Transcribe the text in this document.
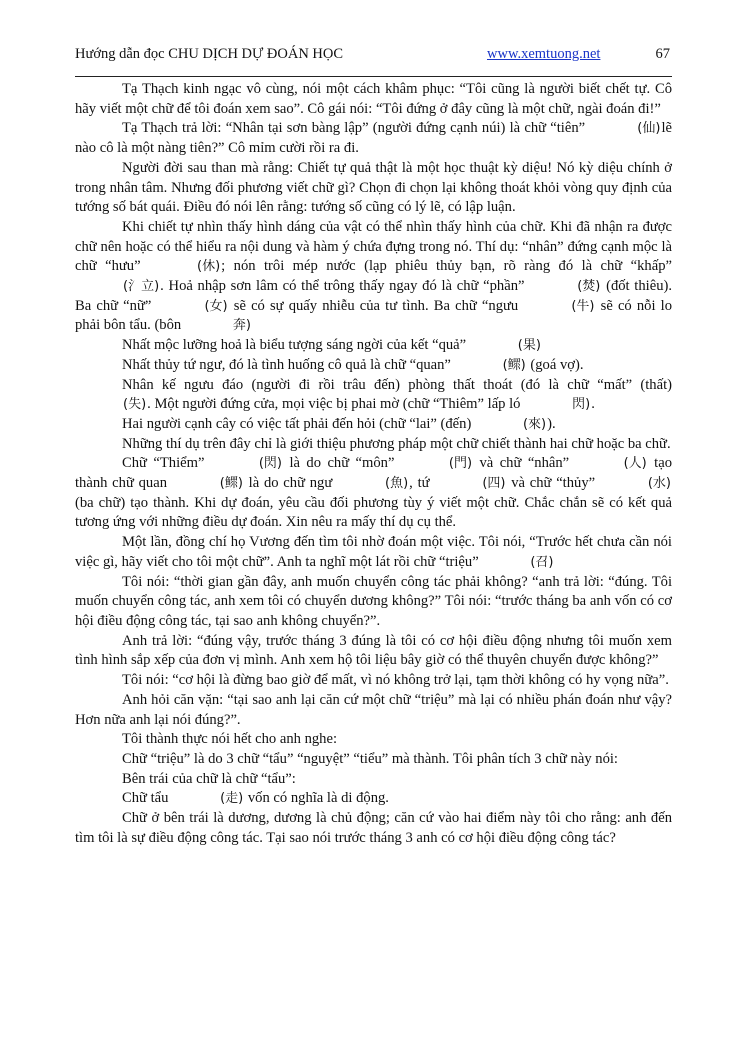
Hướng dẫn đọc CHU DỊCH DỰ ĐOÁN HỌC	www.xemtuong.net	67

Tạ Thạch kinh ngạc vô cùng, nói một cách khâm phục: “Tôi cũng là người biết chết tự. Cô hãy viết một chữ để tôi đoán xem sao”. Cô gái nói: “Tôi đứng ở đây cũng là một chữ, ngài đoán đi!”

Tạ Thạch trả lời: “Nhân tại sơn bàng lập” (người đứng cạnh núi) là chữ “tiên”	(仙)lẽ nào cô là một nàng tiên?” Cô mỉm cười rồi ra đi.

Người đời sau than mà rằng: Chiết tự quả thật là một học thuật kỳ diệu! Nó kỳ diệu chính ở trong nhân tâm. Nhưng đối phương viết chữ gì? Chọn đi chọn lại không thoát khỏi vòng quy định của tướng số bát quái. Điều đó nói lên rằng: tướng số cũng có lý lẽ, có lập luận.

Khi chiết tự nhìn thấy hình dáng của vật có thể nhìn thấy hình của chữ. Khi đã nhận ra được chữ nên hoặc có thể hiểu ra nội dung và hàm ý chứa đựng trong nó. Thí dụ: “nhân” đứng cạnh mộc là chữ “hưu”	(休); nón trôi mép nước (lạp phiêu thủy bạn, rõ ràng đó là chữ “khấp” (氵立). Hoả nhập sơn lâm có thể trông thấy ngay đó là chữ “phần”	(焚) (đốt thiêu). Ba chữ “nữ”	(女) sẽ có sự quấy nhiễu của tư tình. Ba chữ “ngưu	(牛) sẽ có nỗi lo phải bôn tẩu. (bôn	奔)

Nhất mộc lưỡng hoả là biểu tượng sáng ngời của kết “quả”	(果)

Nhất thủy tứ ngư, đó là tình huống cô quả là chữ “quan”	(鳏) (goá vợ).

Nhân kế ngưu đáo (người đi rồi trâu đến) phòng thất thoát (đó là chữ “mất” (thất) (失). Một người đứng cửa, mọi việc bị phai mờ (chữ “Thiêm” lấp ló	閃).

Hai người cạnh cây có việc tất phải đến hỏi (chữ “lai” (đến)	(來)).

Những thí dụ trên đây chỉ là giới thiệu phương pháp một chữ chiết thành hai chữ hoặc ba chữ.

Chữ “Thiểm”	(閃) là do chữ “môn”	(門) và chữ “nhân”	(人) tạo thành chữ quan	(鳏) là do chữ ngư	(魚), tứ	(四) và chữ “thủy”	(水) (ba chữ) tạo thành. Khi dự đoán, yêu cầu đối phương tùy ý viết một chữ. Chắc chắn sẽ có kết quả tương ứng với những điều dự đoán. Xin nêu ra mấy thí dụ cụ thể.

Một lần, đồng chí họ Vương đến tìm tôi nhờ đoán một việc. Tôi nói, “Trước hết chưa cần nói việc gì, hãy viết cho tôi một chữ”. Anh ta nghĩ một lát rồi chữ “triệu”	(召)

Tôi nói: “thời gian gần đây, anh muốn chuyển công tác phải không? “anh trả lời: “đúng. Tôi muốn chuyển công tác, anh xem tôi có chuyển dương không?” Tôi nói: “trước tháng ba anh vốn có cơ hội điều động công tác, tại sao anh không chuyển?”.

Anh trả lời: “đúng vậy, trước tháng 3 đúng là tôi có cơ hội điều động nhưng tôi muốn xem tình hình sắp xếp của đơn vị mình. Anh xem hộ tôi liệu bây giờ có thể thuyên chuyển được không?”

Tôi nói: “cơ hội là đừng bao giờ để mất, vì nó không trở lại, tạm thời không có hy vọng nữa”.

Anh hỏi căn vặn: “tại sao anh lại căn cứ một chữ “triệu” mà lại có nhiều phán đoán như vậy? Hơn nữa anh lại nói đúng?”.

Tôi thành thực nói hết cho anh nghe:

Chữ “triệu” là do 3 chữ “tẩu” “nguyệt” “tiểu” mà thành. Tôi phân tích 3 chữ này nói:

Bên trái của chữ là chữ “tẩu”:

Chữ tẩu	(走) vốn có nghĩa là di động.

Chữ ở bên trái là dương, dương là chủ động; căn cứ vào hai điểm này tôi cho rằng: anh đến tìm tôi là sự điều động công tác. Tại sao nói trước tháng 3 anh có cơ hội điều động công tác?
